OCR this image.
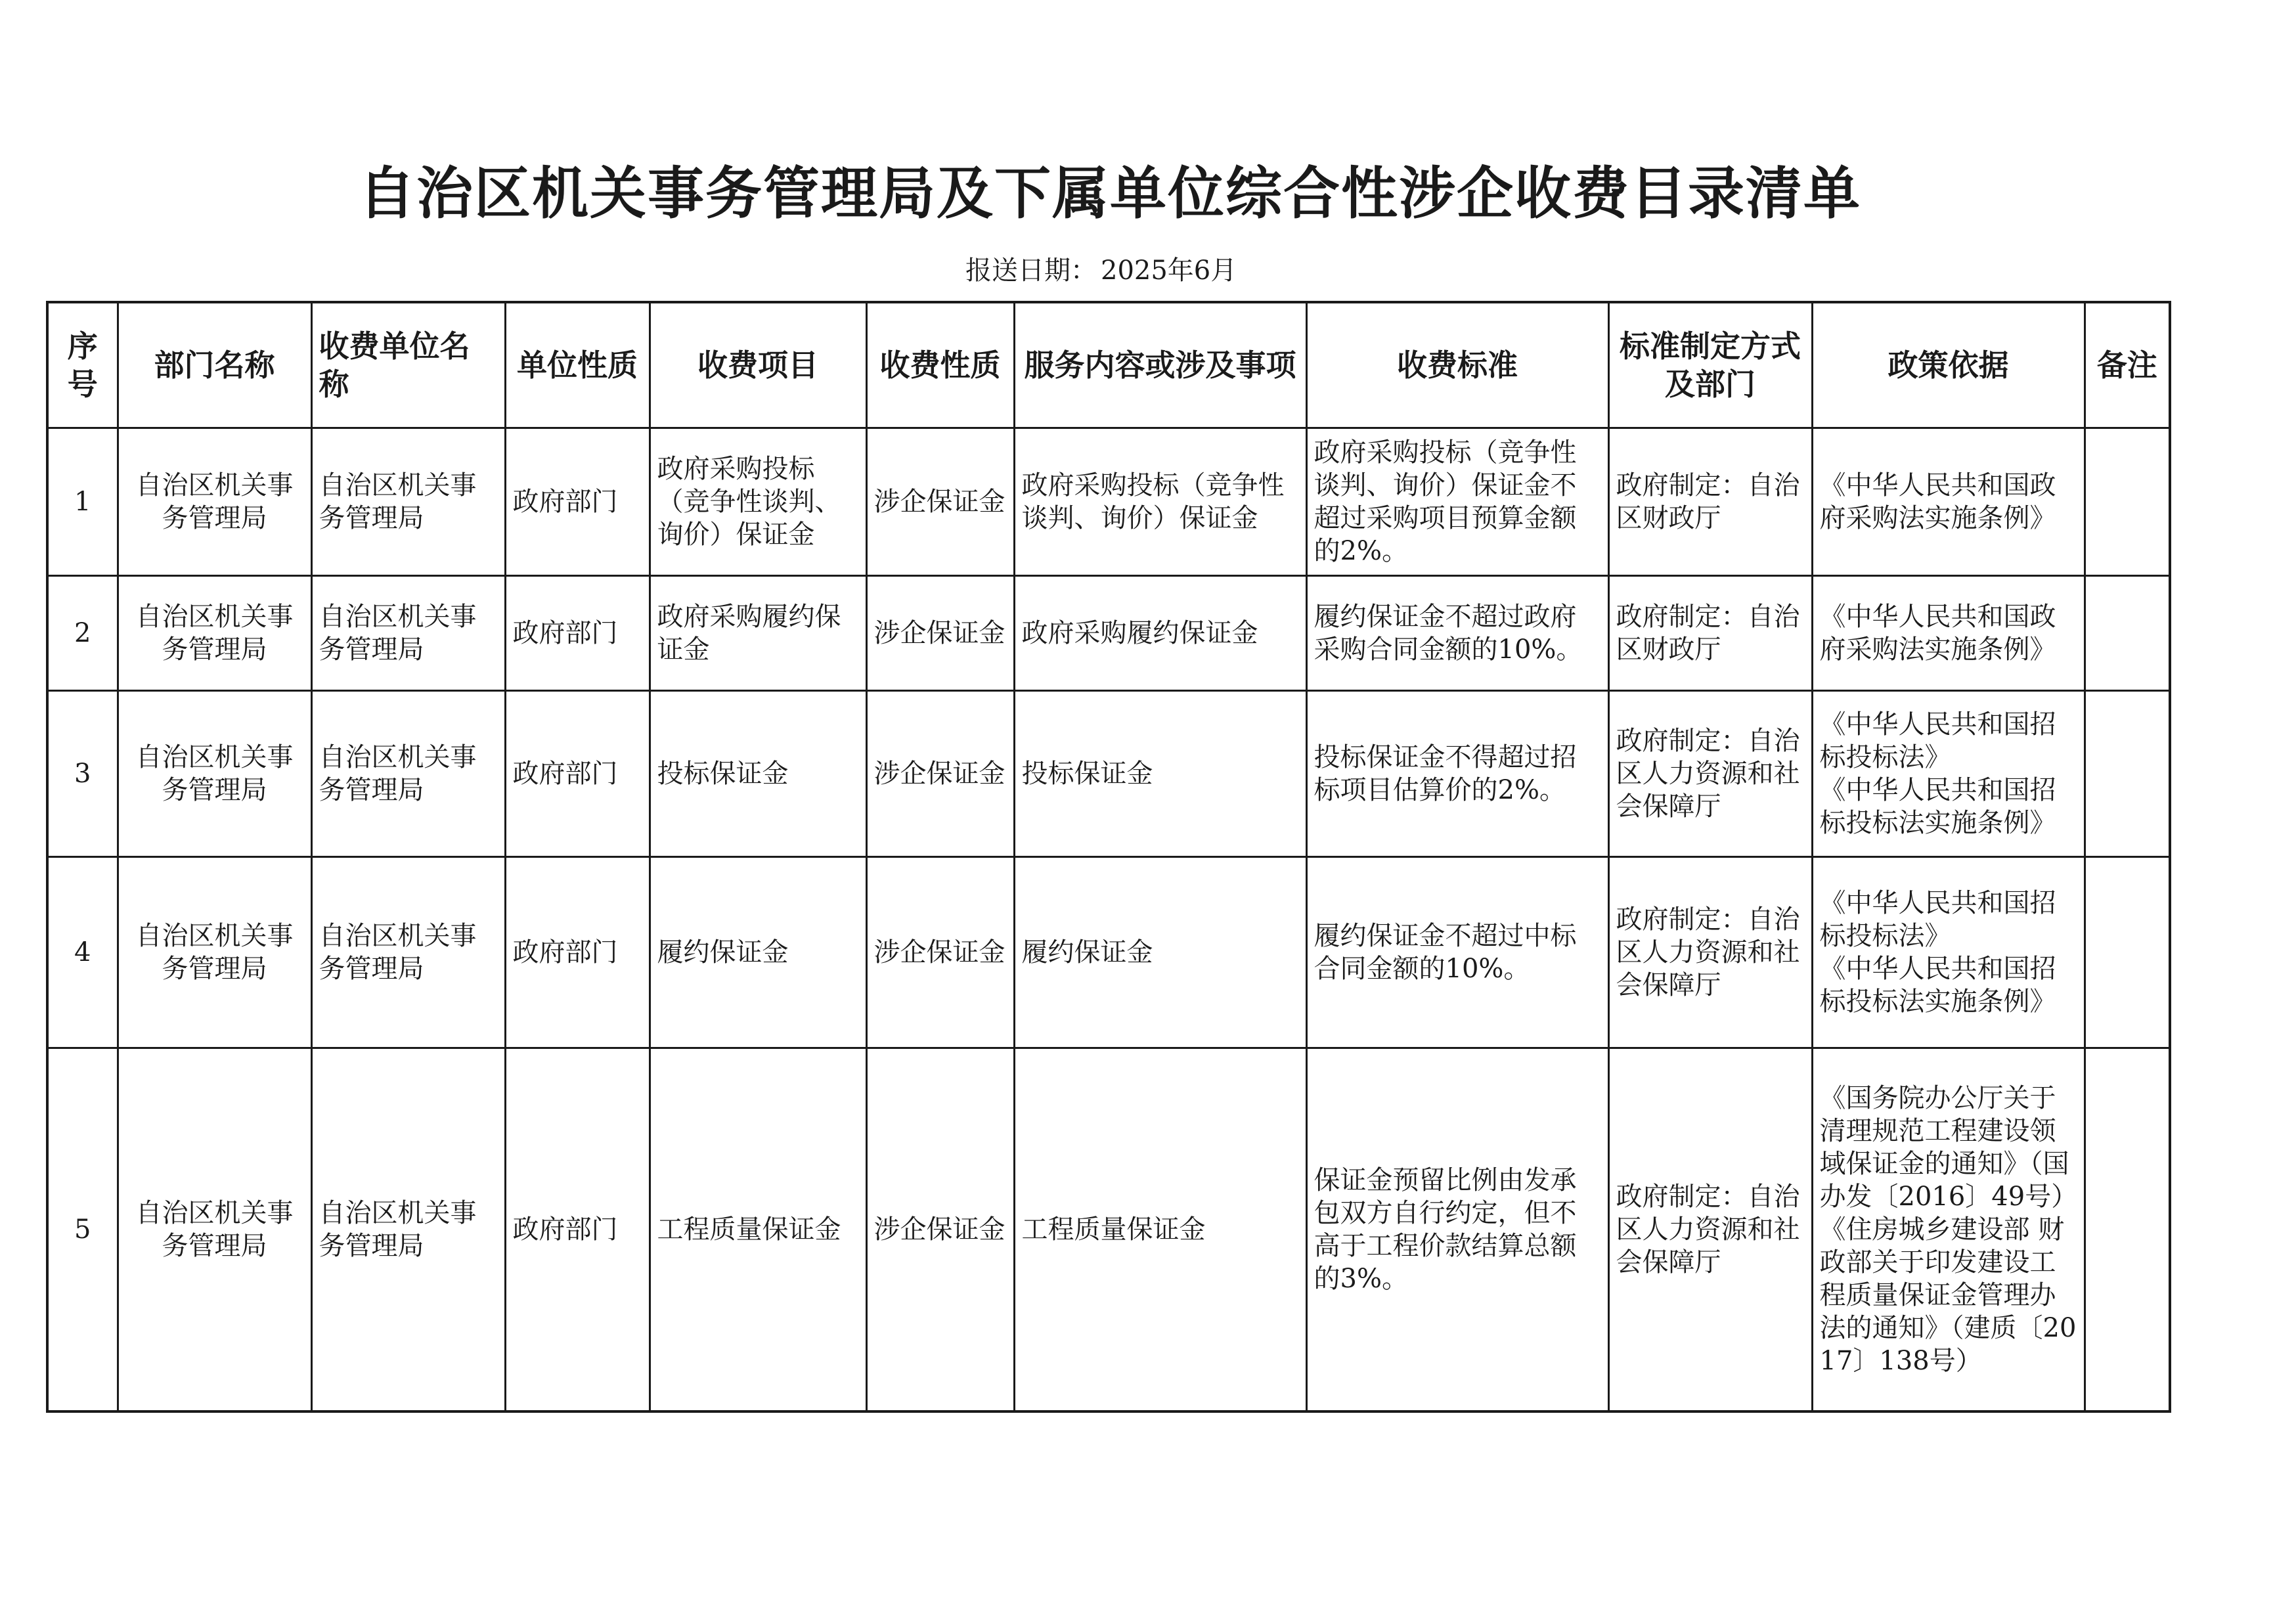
自治区机关事务管理局及下属单位综合性涉企收费目录清单
报送日期： 2025年6月
序号	部门名称	收费单位名称	单位性质	收费项目	收费性质	服务内容或涉及事项	收费标准	标准制定方式及部门	政策依据	备注
1	自治区机关事务管理局	自治区机关事务管理局	政府部门	政府采购投标（竞争性谈判、询价）保证金	涉企保证金	政府采购投标（竞争性谈判、询价）保证金	政府采购投标（竞争性谈判、询价）保证金不超过采购项目预算金额的2%。	政府制定：自治区财政厅	《中华人民共和国政府采购法实施条例》	

2	自治区机关事务管理局	自治区机关事务管理局	政府部门	政府采购履约保证金	涉企保证金	政府采购履约保证金	履约保证金不超过政府采购合同金额的10%。	政府制定：自治区财政厅	《中华人民共和国政府采购法实施条例》	

3	自治区机关事务管理局	自治区机关事务管理局	政府部门	投标保证金	涉企保证金	投标保证金	投标保证金不得超过招标项目估算价的2%。	政府制定：自治区人力资源和社会保障厅	《中华人民共和国招标投标法》
《中华人民共和国招标投标法实施条例》	

4	自治区机关事务管理局	自治区机关事务管理局	政府部门	履约保证金	涉企保证金	履约保证金	履约保证金不超过中标合同金额的10%。	政府制定：自治区人力资源和社会保障厅	《中华人民共和国招标投标法》
《中华人民共和国招标投标法实施条例》	

5	自治区机关事务管理局	自治区机关事务管理局	政府部门	工程质量保证金	涉企保证金	工程质量保证金	保证金预留比例由发承包双方自行约定，但不高于工程价款结算总额的3%。	政府制定：自治区人力资源和社会保障厅	《国务院办公厅关于清理规范工程建设领域保证金的通知》（国办发〔2016〕49号）
《住房城乡建设部 财政部关于印发建设工程质量保证金管理办法的通知》（建质〔2017〕138号）	
